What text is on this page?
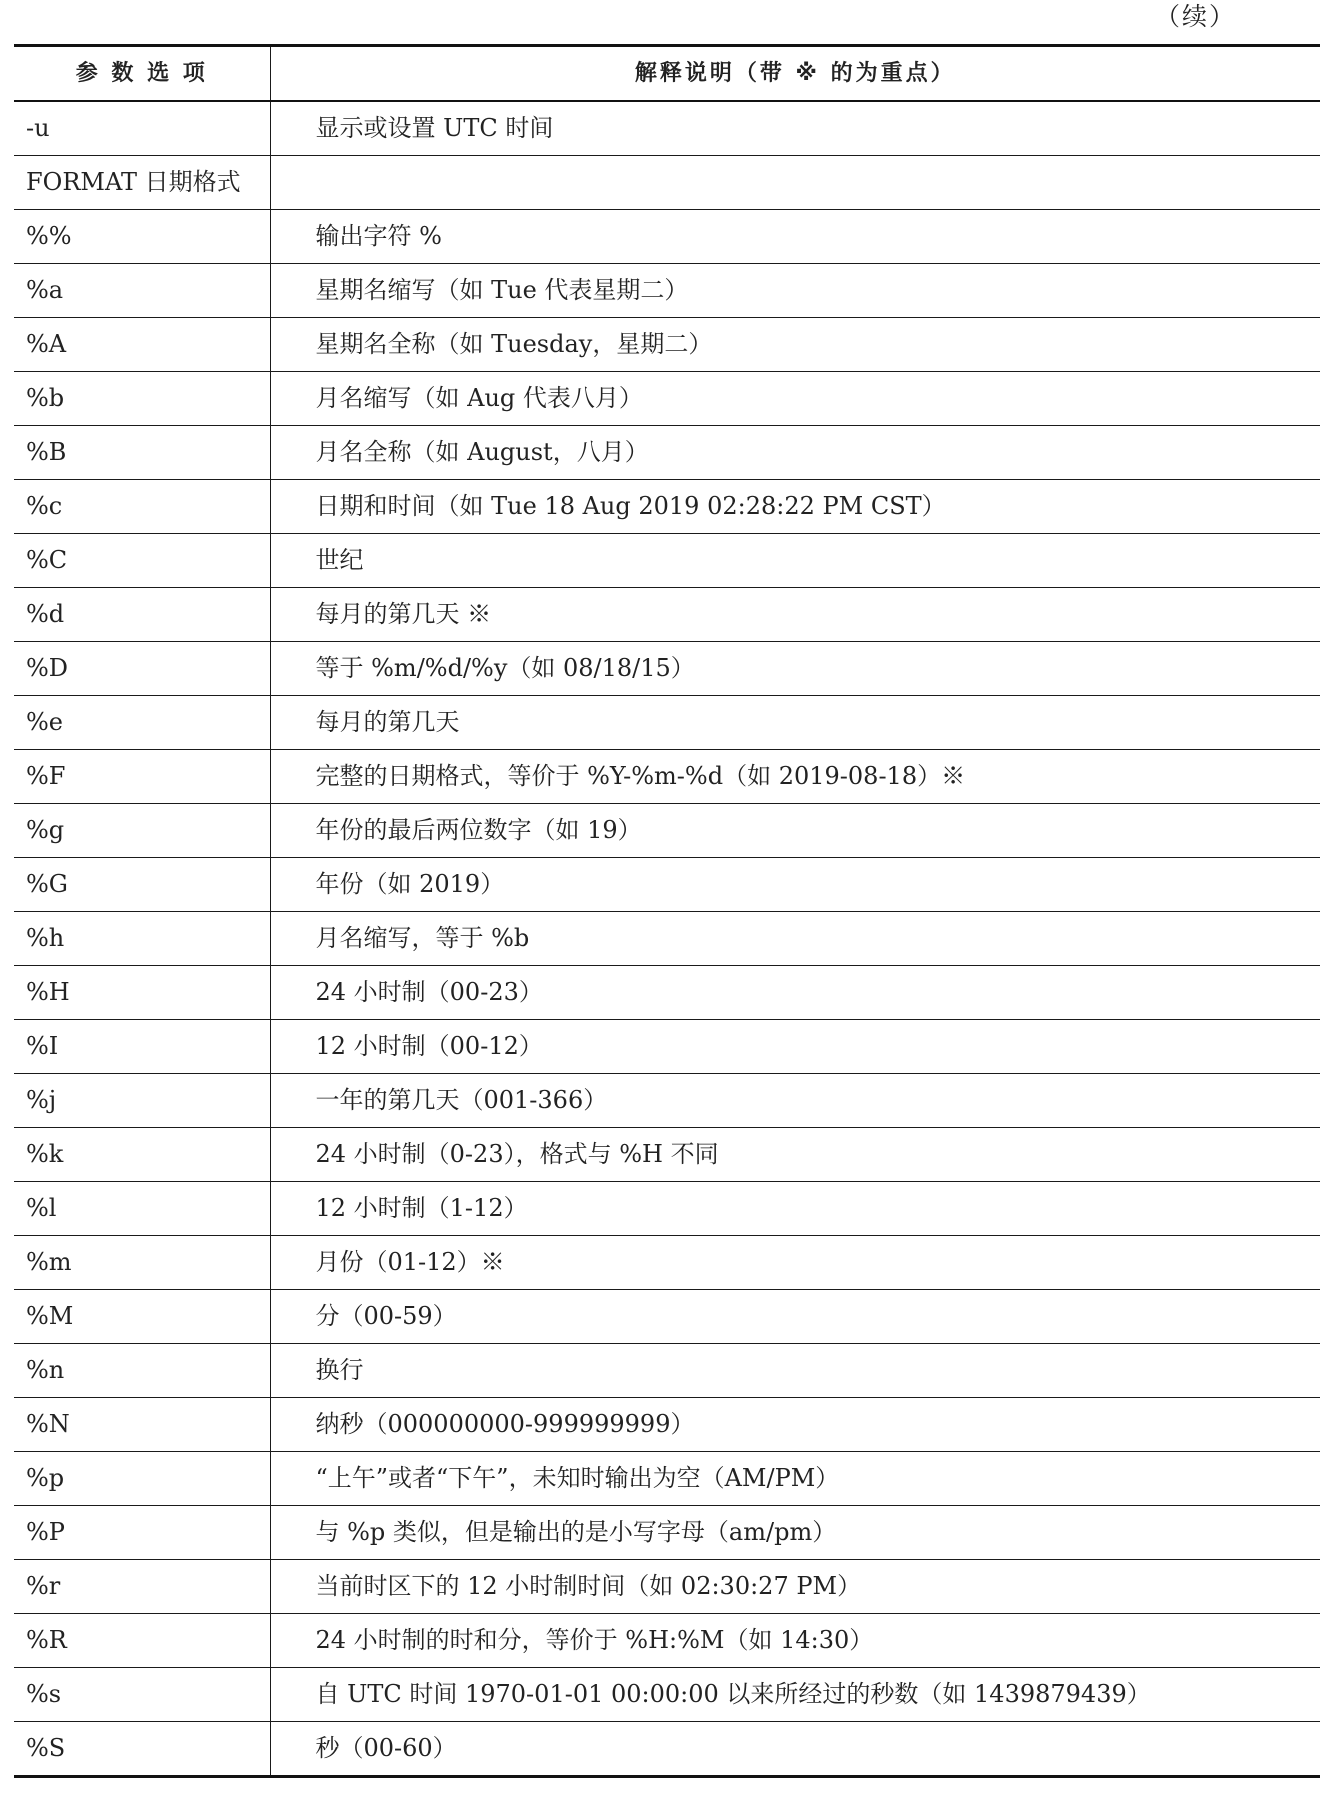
（续）
参 数 选 项	解释说明（带 ※ 的为重点）
-u	显示或设置 UTC 时间
FORMAT 日期格式	
%%	输出字符 %
%a	星期名缩写（如 Tue 代表星期二）
%A	星期名全称（如 Tuesday，星期二）
%b	月名缩写（如 Aug 代表八月）
%B	月名全称（如 August，八月）
%c	日期和时间（如 Tue 18 Aug 2019 02:28:22 PM CST）
%C	世纪
%d	每月的第几天 ※
%D	等于 %m/%d/%y（如 08/18/15）
%e	每月的第几天
%F	完整的日期格式，等价于 %Y-%m-%d（如 2019-08-18）※
%g	年份的最后两位数字（如 19）
%G	年份（如 2019）
%h	月名缩写，等于 %b
%H	24 小时制（00-23）
%I	12 小时制（00-12）
%j	一年的第几天（001-366）
%k	24 小时制（0-23），格式与 %H 不同
%l	12 小时制（1-12）
%m	月份（01-12）※
%M	分（00-59）
%n	换行
%N	纳秒（000000000-999999999）
%p	“上午”或者“下午”，未知时输出为空（AM/PM）
%P	与 %p 类似，但是输出的是小写字母（am/pm）
%r	当前时区下的 12 小时制时间（如 02:30:27 PM）
%R	24 小时制的时和分，等价于 %H:%M（如 14:30）
%s	自 UTC 时间 1970-01-01 00:00:00 以来所经过的秒数（如 1439879439）
%S	秒（00-60）
